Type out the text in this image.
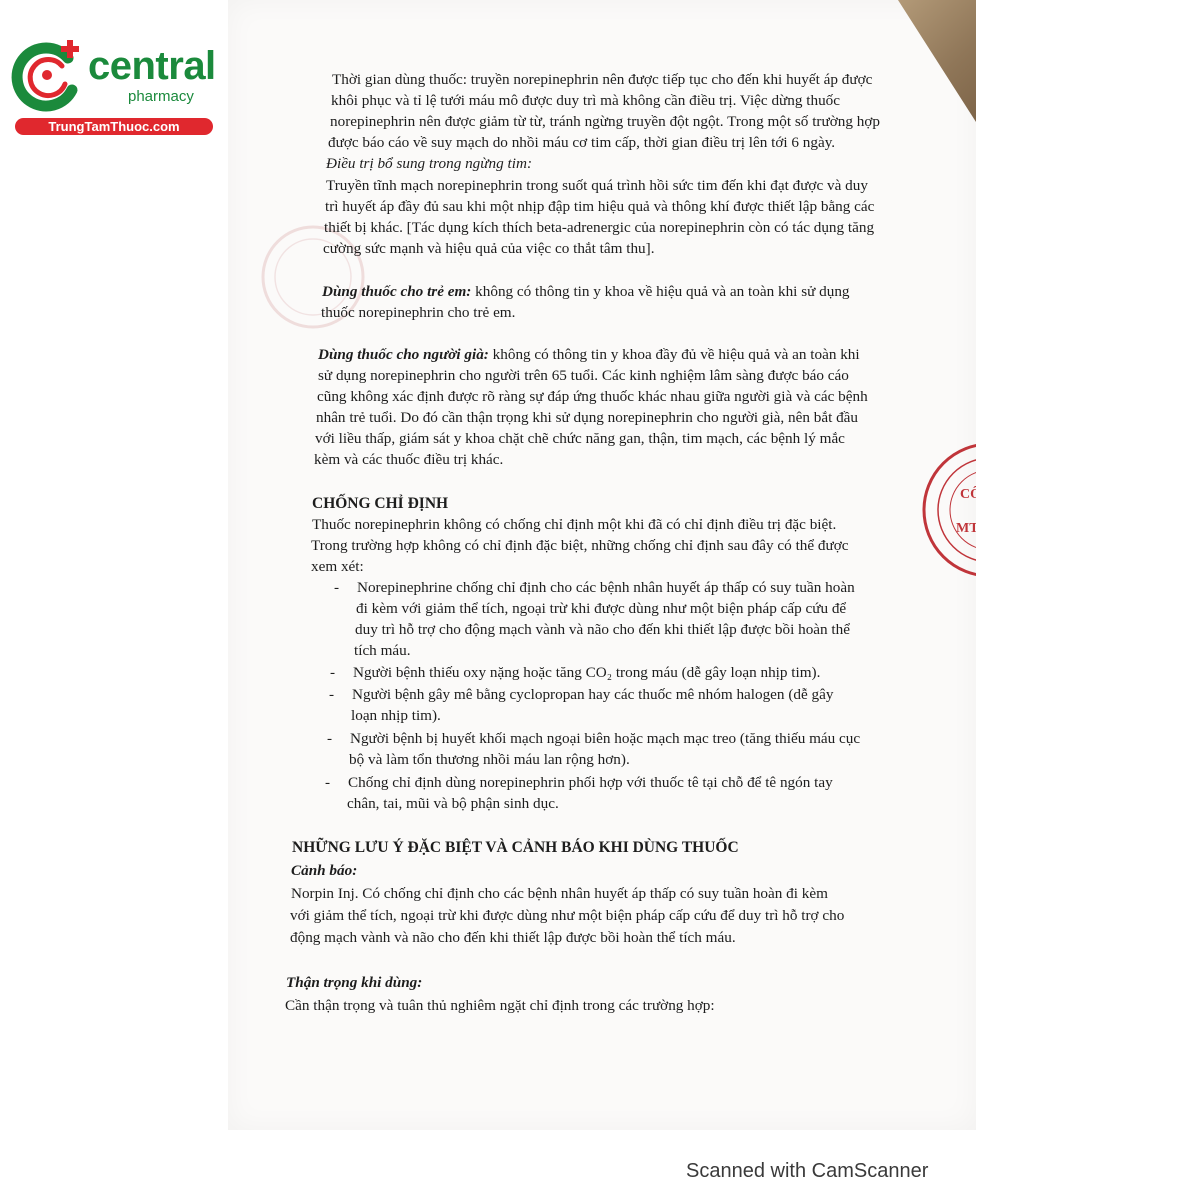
CÔ
MT
central
pharmacy
TrungTamThuoc.com
Thời gian dùng thuốc: truyền norepinephrin nên được tiếp tục cho đến khi huyết áp được
khôi phục và tỉ lệ tưới máu mô được duy trì mà không cần điều trị. Việc dừng thuốc
norepinephrin nên được giảm từ từ, tránh ngừng truyền đột ngột. Trong một số trường hợp
được báo cáo về suy mạch do nhồi máu cơ tim cấp, thời gian điều trị lên tới 6 ngày.
Điều trị bổ sung trong ngừng tim:
Truyền tĩnh mạch norepinephrin trong suốt quá trình hồi sức tim đến khi đạt được và duy
trì huyết áp đầy đủ sau khi một nhịp đập tim hiệu quả và thông khí được thiết lập bằng các
thiết bị khác. [Tác dụng kích thích beta-adrenergic của norepinephrin còn có tác dụng tăng
cường sức mạnh và hiệu quả của việc co thắt tâm thu].
Dùng thuốc cho trẻ em: không có thông tin y khoa về hiệu quả và an toàn khi sử dụng
thuốc norepinephrin cho trẻ em.
Dùng thuốc cho người già: không có thông tin y khoa đầy đủ về hiệu quả và an toàn khi
sử dụng norepinephrin cho người trên 65 tuổi. Các kinh nghiệm lâm sàng được báo cáo
cũng không xác định được rõ ràng sự đáp ứng thuốc khác nhau giữa người già và các bệnh
nhân trẻ tuổi. Do đó cần thận trọng khi sử dụng norepinephrin cho người già, nên bắt đầu
với liều thấp, giám sát y khoa chặt chẽ chức năng gan, thận, tim mạch, các bệnh lý mắc
kèm và các thuốc điều trị khác.
CHỐNG CHỈ ĐỊNH
Thuốc norepinephrin không có chống chỉ định một khi đã có chỉ định điều trị đặc biệt.
Trong trường hợp không có chỉ định đặc biệt, những chống chỉ định sau đây có thể được
xem xét:
- Norepinephrine chống chỉ định cho các bệnh nhân huyết áp thấp có suy tuần hoàn
đi kèm với giảm thể tích, ngoại trừ khi được dùng như một biện pháp cấp cứu để
duy trì hỗ trợ cho động mạch vành và não cho đến khi thiết lập được bồi hoàn thể
tích máu.
- Người bệnh thiếu oxy nặng hoặc tăng CO₂ trong máu (dễ gây loạn nhịp tim).
- Người bệnh gây mê bằng cyclopropan hay các thuốc mê nhóm halogen (dễ gây
loạn nhịp tim).
- Người bệnh bị huyết khối mạch ngoại biên hoặc mạch mạc treo (tăng thiếu máu cục
bộ và làm tổn thương nhồi máu lan rộng hơn).
- Chống chỉ định dùng norepinephrin phối hợp với thuốc tê tại chỗ để tê ngón tay
chân, tai, mũi và bộ phận sinh dục.
NHỮNG LƯU Ý ĐẶC BIỆT VÀ CẢNH BÁO KHI DÙNG THUỐC
Cảnh báo:
Norpin Inj. Có chống chỉ định cho các bệnh nhân huyết áp thấp có suy tuần hoàn đi kèm
với giảm thể tích, ngoại trừ khi được dùng như một biện pháp cấp cứu để duy trì hỗ trợ cho
động mạch vành và não cho đến khi thiết lập được bồi hoàn thể tích máu.
Thận trọng khi dùng:
Cần thận trọng và tuân thủ nghiêm ngặt chỉ định trong các trường hợp:
Scanned with CamScanner
